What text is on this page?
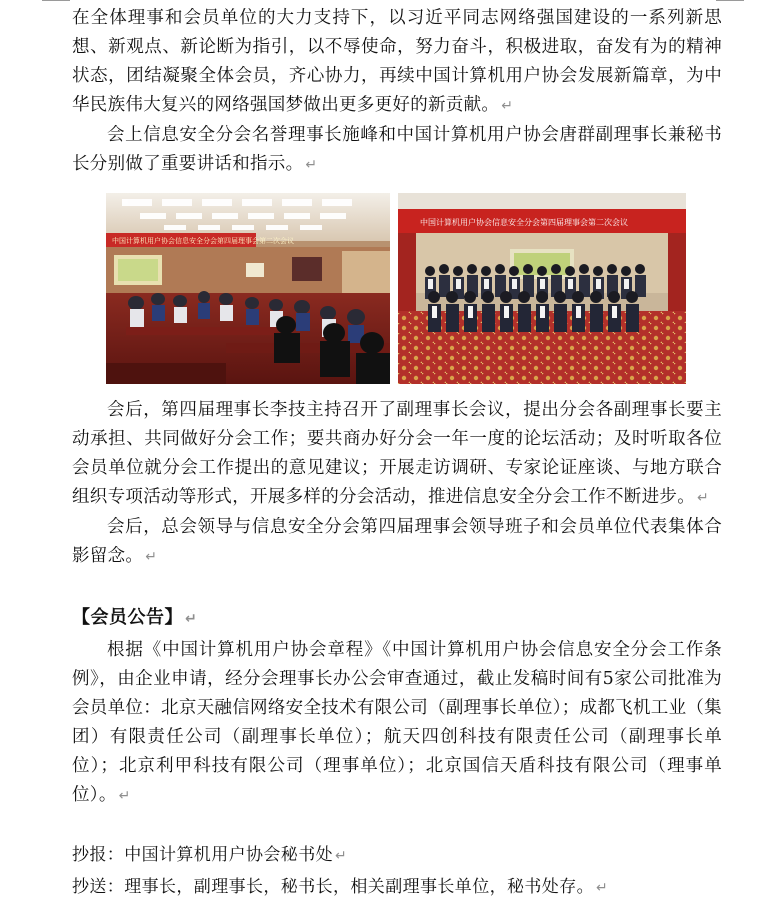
在全体理事和会员单位的大力支持下，以习近平同志网络强国建设的一系列新思想、新观点、新论断为指引，以不辱使命，努力奋斗，积极进取，奋发有为的精神状态，团结凝聚全体会员，齐心协力，再续中国计算机用户协会发展新篇章，为中华民族伟大复兴的网络强国梦做出更多更好的新贡献。 ↵

会上信息安全分会名誉理事长施峰和中国计算机用户协会唐群副理事长兼秘书长分别做了重要讲话和指示。 ↵

中国计算机用户协会信息安全分会第四届理事会第二次会议
中国计算机用户协会信息安全分会第四届理事会第二次会议

会后，第四届理事长李技主持召开了副理事长会议，提出分会各副理事长要主动承担、共同做好分会工作；要共商办好分会一年一度的论坛活动；及时听取各位会员单位就分会工作提出的意见建议；开展走访调研、专家论证座谈、与地方联合组织专项活动等形式，开展多样的分会活动，推进信息安全分会工作不断进步。 ↵

会后，总会领导与信息安全分会第四届理事会领导班子和会员单位代表集体合影留念。 ↵

【会员公告】 ↵

根据《中国计算机用户协会章程》《中国计算机用户协会信息安全分会工作条例》，由企业申请，经分会理事长办公会审查通过，截止发稿时间有5家公司批准为会员单位：北京天融信网络安全技术有限公司（副理事长单位）；成都飞机工业（集团）有限责任公司（副理事长单位）；航天四创科技有限责任公司（副理事长单位）；北京利甲科技有限公司（理事单位）；北京国信天盾科技有限公司（理事单位）。 ↵

抄报：中国计算机用户协会秘书处 ↵
抄送：理事长，副理事长，秘书长，相关副理事长单位，秘书处存。 ↵
